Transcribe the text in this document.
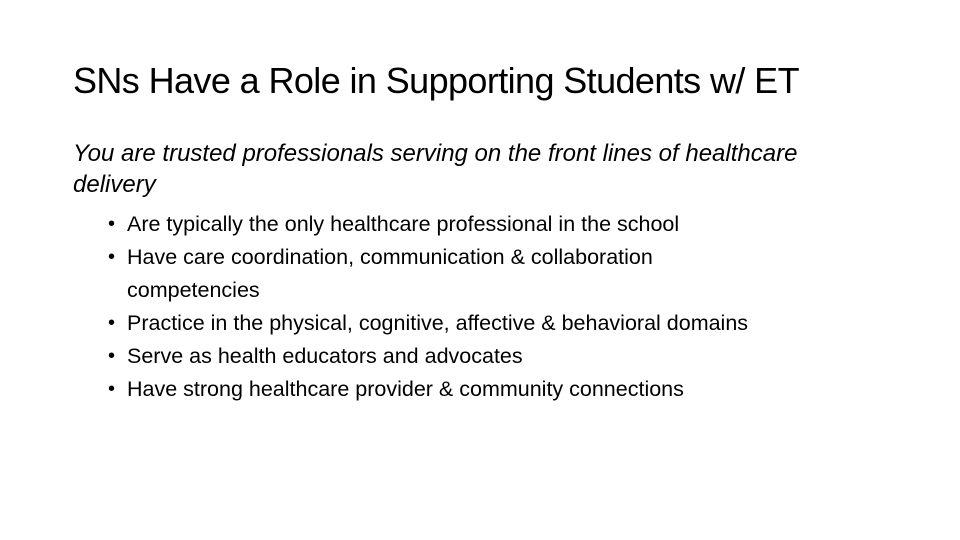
SNs Have a Role in Supporting Students w/ ET

You are trusted professionals serving on the front lines of healthcare delivery

• Are typically the only healthcare professional in the school
• Have care coordination, communication & collaboration competencies
• Practice in the physical, cognitive, affective & behavioral domains
• Serve as health educators and advocates
• Have strong healthcare provider & community connections
